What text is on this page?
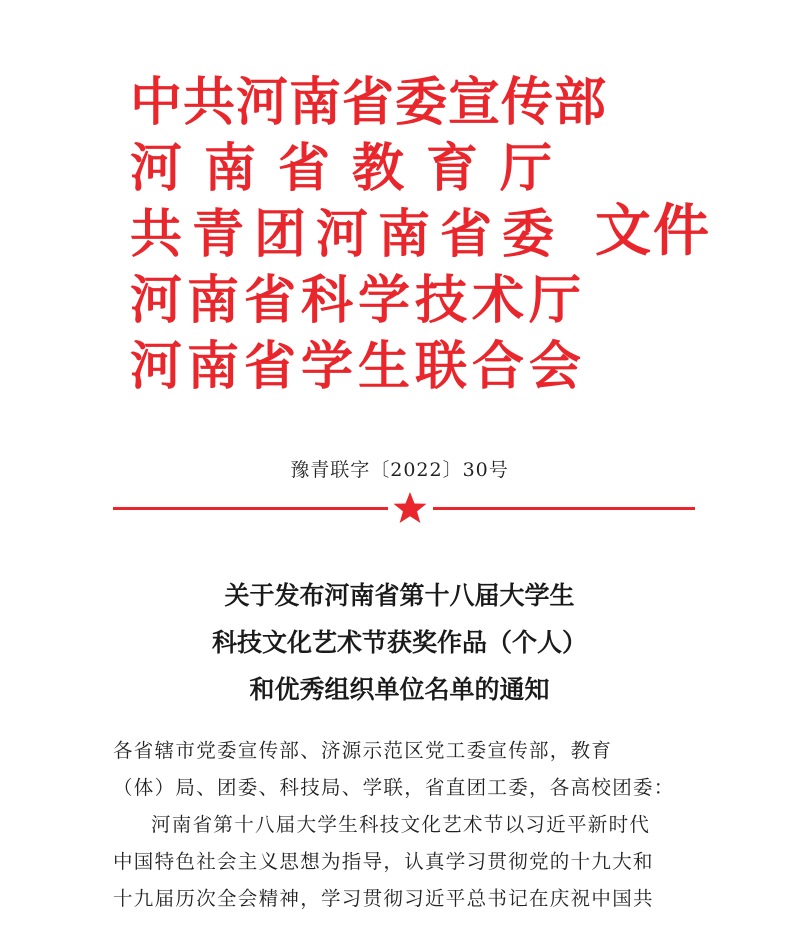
中共河南省委宣传部
河南省教育厅
共青团河南省委
河南省科学技术厅
河南省学生联合会
文件
豫青联字〔2022〕30号
关于发布河南省第十八届大学生
科技文化艺术节获奖作品（个人）
和优秀组织单位名单的通知
各省辖市党委宣传部、济源示范区党工委宣传部，教育
（体）局、团委、科技局、学联，省直团工委，各高校团委：
河南省第十八届大学生科技文化艺术节以习近平新时代
中国特色社会主义思想为指导，认真学习贯彻党的十九大和
十九届历次全会精神，学习贯彻习近平总书记在庆祝中国共
